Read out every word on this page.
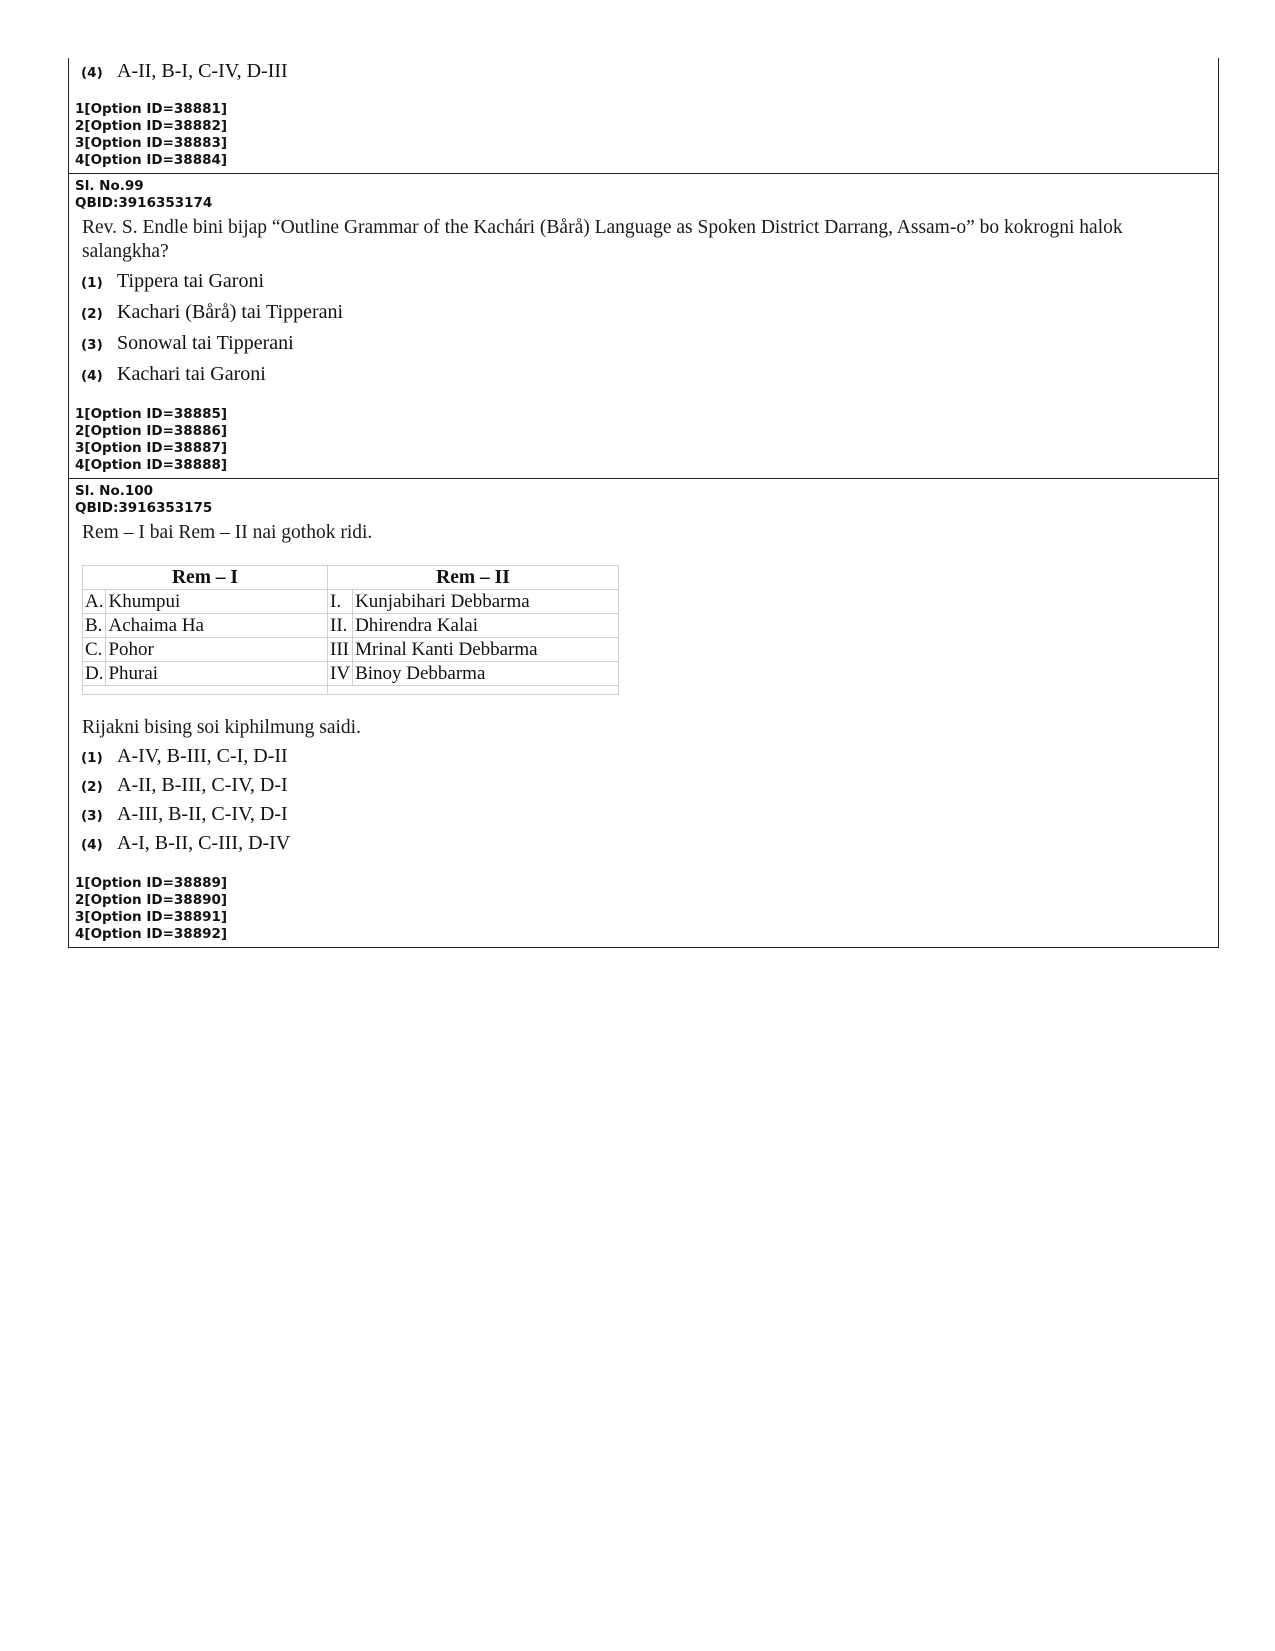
(4) A-II, B-I, C-IV, D-III
1[Option ID=38881]
2[Option ID=38882]
3[Option ID=38883]
4[Option ID=38884]
Sl. No.99
QBID:3916353174
Rev. S. Endle bini bijap “Outline Grammar of the Kachári (Bårå) Language as Spoken District Darrang, Assam-o” bo kokrogni halok salangkha?
(1) Tippera tai Garoni
(2) Kachari (Bårå) tai Tipperani
(3) Sonowal tai Tipperani
(4) Kachari tai Garoni
1[Option ID=38885]
2[Option ID=38886]
3[Option ID=38887]
4[Option ID=38888]
Sl. No.100
QBID:3916353175
Rem – I bai Rem – II nai gothok ridi.
Rem – I		Rem – II	
A.	Khumpui	I.	Kunjabihari Debbarma
B.	Achaima Ha	II.	Dhirendra Kalai
C.	Pohor	III	Mrinal Kanti Debbarma
D.	Phurai	IV	Binoy Debbarma

Rijakni bising soi kiphilmung saidi.
(1) A-IV, B-III, C-I, D-II
(2) A-II, B-III, C-IV, D-I
(3) A-III, B-II, C-IV, D-I
(4) A-I, B-II, C-III, D-IV
1[Option ID=38889]
2[Option ID=38890]
3[Option ID=38891]
4[Option ID=38892]
